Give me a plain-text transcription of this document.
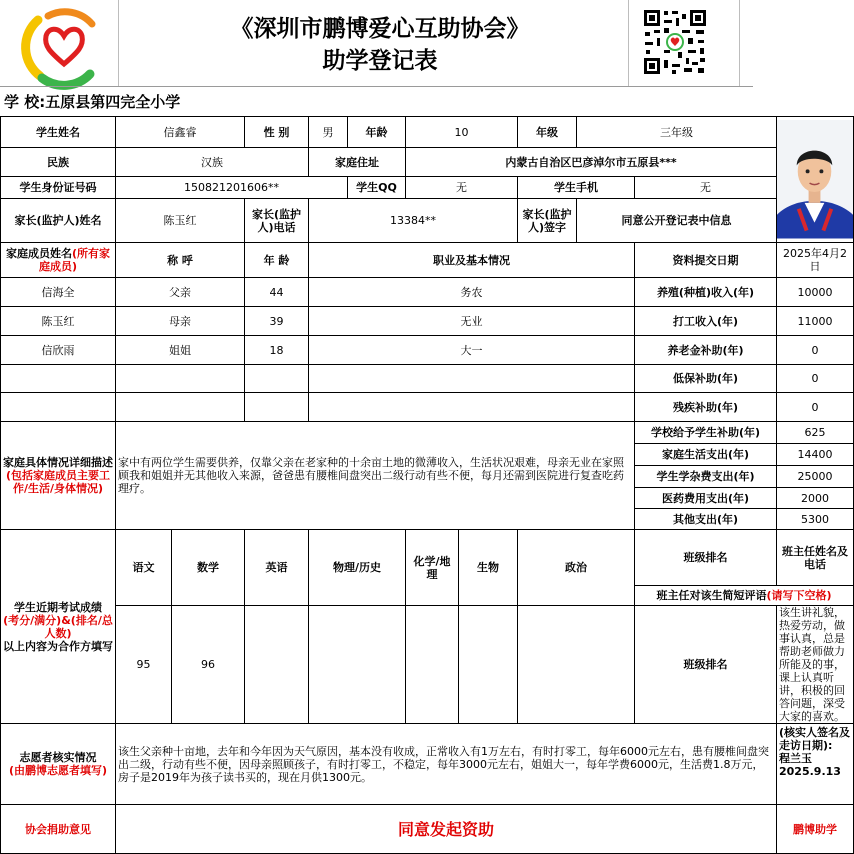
《深圳市鹏博爱心互助协会》
助学登记表
学 校:五原县第四完全小学
学生姓名	信鑫睿		性 别	男	年龄	10		年级	三年级	

民族	汉族			家庭住址		内蒙古自治区巴彦淖尔市五原县***						
学生身份证号码	150821201606**				学生QQ	无		学生手机		无		
家长(监护人)姓名	陈玉红		家长(监护人)电话	13384**				家长(监护人)签字	同意公开登记表中信息			
家庭成员姓名(所有家庭成员)	称 呼		年 龄	职业及基本情况						资料提交日期	2025年4月2日	
信海全	父亲		44	务农						养殖(种植)收入(年)	10000	
陈玉红	母亲		39	无业						打工收入(年)	11000	
信欣雨	姐姐		18	大一						养老金补助(年)	0	
										低保补助(年)	0	
										残疾补助(年)	0	
家庭具体情况详细描述(包括家庭成员主要工作/生活/身体情况)	家中有两位学生需要供养，仅靠父亲在老家种的十余亩土地的微薄收入，生活状况艰难，母亲无业在家照顾我和姐姐并无其他收入来源，爸爸患有腰椎间盘突出二级行动有些不便，每月还需到医院进行复查吃药理疗。									学校给予学生补助(年)	625	
										家庭生活支出(年)	14400	
										学生学杂费支出(年)	25000	
										医药费用支出(年)	2000	
										其他支出(年)	5300	
学生近期考试成绩
(考分/满分)&(排名/总人数)
以上内容为合作方填写	语文	数学	英语	物理/历史		化学/地理	生物	政治		班级排名	班主任姓名及电话	

										班主任对该生简短评语(请写下空格)		
	95	96								班级排名	该生讲礼貌，热爱劳动，做事认真，总是帮助老师做力所能及的事，课上认真听讲，积极的回答问题，深受大家的喜欢。	
志愿者核实情况
(由鹏博志愿者填写)	该生父亲种十亩地，去年和今年因为天气原因，基本没有收成，正常收入有1万左右，有时打零工，每年6000元左右，患有腰椎间盘突出二级，行动有些不便，因母亲照顾孩子，有时打零工，不稳定，每年3000元左右，姐姐大一，每年学费6000元，生活费1.8万元，房子是2019年为孩子读书买的，现在月供1300元。										(核实人签名及走访日期):
程兰玉
2025.9.13	
协会捐助意见	同意发起资助										鹏博助学	
